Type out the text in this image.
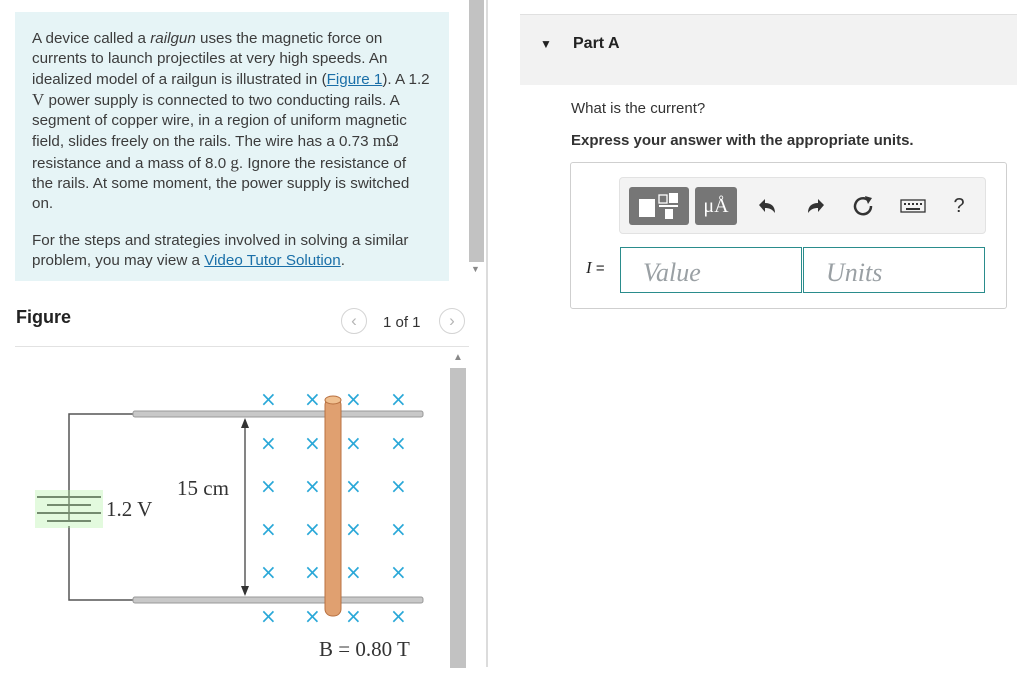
A device called a railgun uses the magnetic force on currents to launch projectiles at very high speeds. An idealized model of a railgun is illustrated in (Figure 1). A 1.2 V power supply is connected to two conducting rails. A segment of copper wire, in a region of uniform magnetic field, slides freely on the rails. The wire has a 0.73 mΩ resistance and a mass of 8.0 g. Ignore the resistance of the rails. At some moment, the power supply is switched on.

For the steps and strategies involved in solving a similar problem, you may view a Video Tutor Solution.

▼
Figure	‹ 1 of 1 ›
1.2 V
15 cm
× × × ×
× × × ×
× × × ×
× × × ×
× × × ×
× × × ×
B = 0.80 T
▲
▼ Part A
What is the current?
Express your answer with the appropriate units.
μÅ	?
I =
Value
Units
